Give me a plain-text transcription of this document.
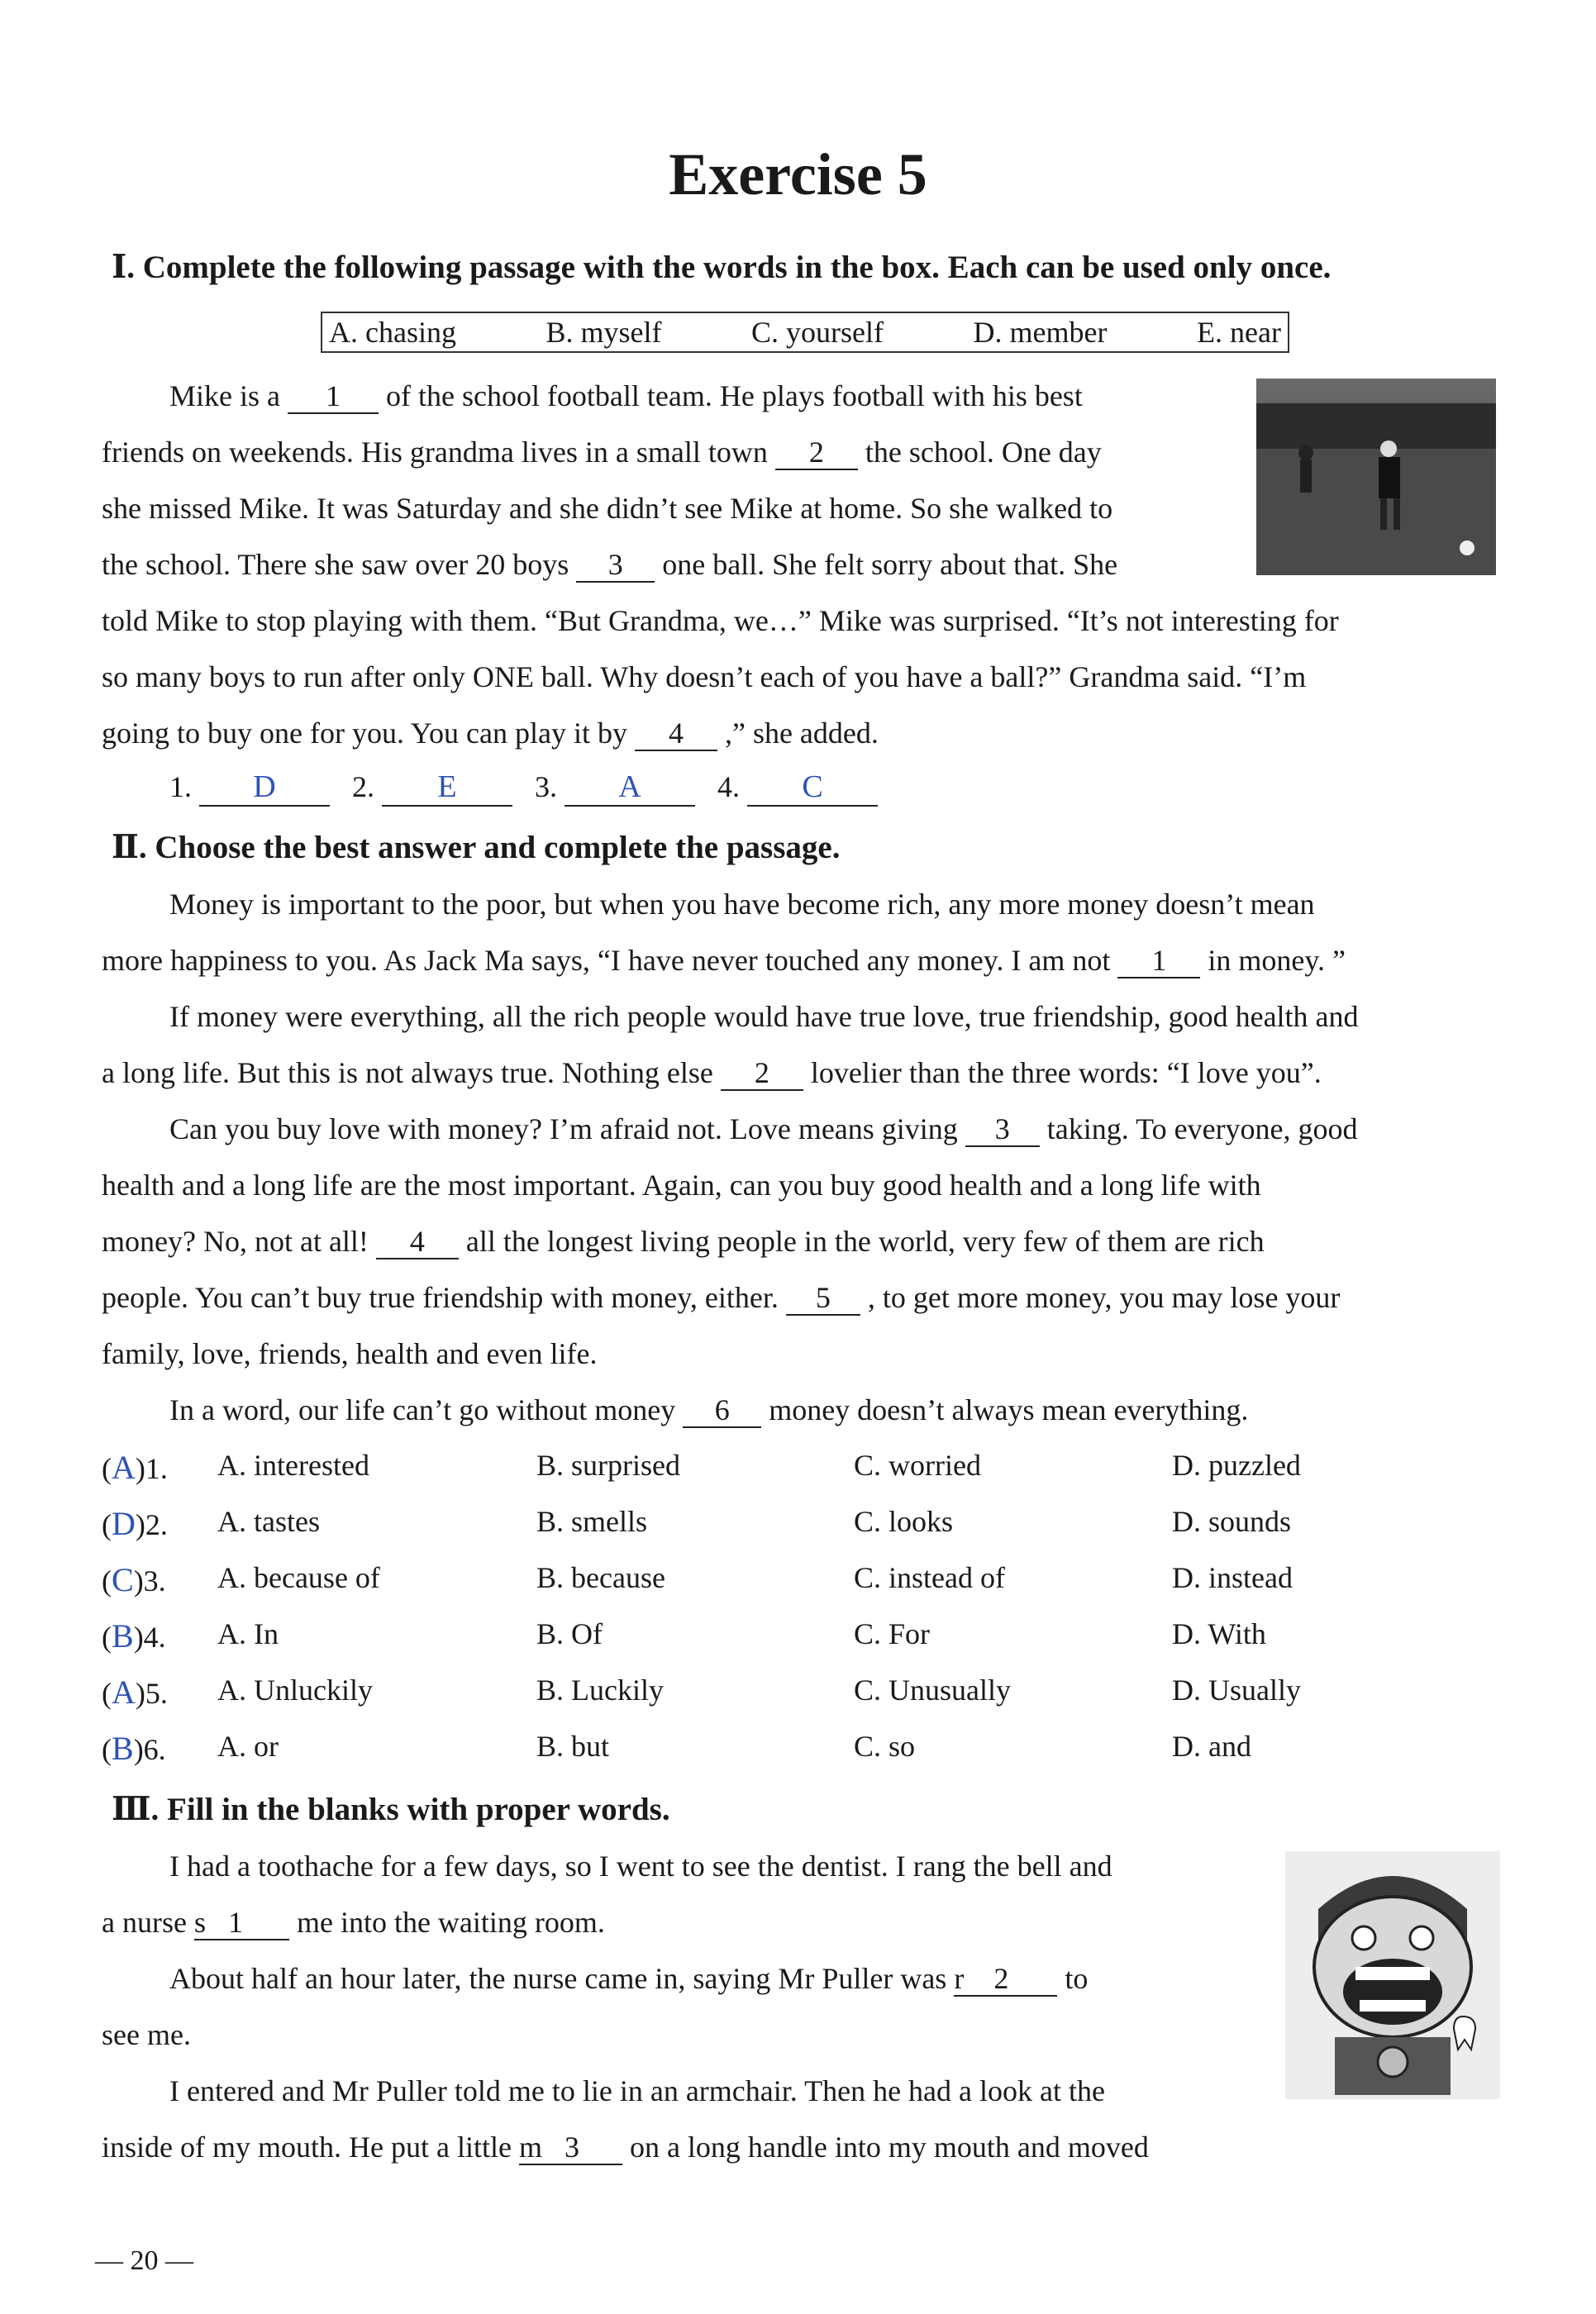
Exercise 5
Ⅰ. Complete the following passage with the words in the box. Each can be used only once.
A. chasing	B. myself	C. yourself	D. member	E. near
Mike is a 1 of the school football team. He plays football with his best
friends on weekends. His grandma lives in a small town 2 the school. One day
she missed Mike. It was Saturday and she didn’t see Mike at home. So she walked to
the school. There she saw over 20 boys 3 one ball. She felt sorry about that. She
told Mike to stop playing with them. “But Grandma, we…” Mike was surprised. “It’s not interesting for
so many boys to run after only ONE ball. Why doesn’t each of you have a ball?” Grandma said. “I’m
going to buy one for you. You can play it by 4 ,” she added.
1. D	2. E	3. A	4. C
Ⅱ. Choose the best answer and complete the passage.
Money is important to the poor, but when you have become rich, any more money doesn’t mean
more happiness to you. As Jack Ma says, “I have never touched any money. I am not 1 in money. ”
If money were everything, all the rich people would have true love, true friendship, good health and
a long life. But this is not always true. Nothing else 2 lovelier than the three words: “I love you”.
Can you buy love with money? I’m afraid not. Love means giving 3 taking. To everyone, good
health and a long life are the most important. Again, can you buy good health and a long life with
money? No, not at all! 4 all the longest living people in the world, very few of them are rich
people. You can’t buy true friendship with money, either. 5 , to get more money, you may lose your
family, love, friends, health and even life.
In a word, our life can’t go without money 6 money doesn’t always mean everything.
(A)1. A. interested	B. surprised	C. worried	D. puzzled
(D)2. A. tastes	B. smells	C. looks	D. sounds
(C)3. A. because of	B. because	C. instead of	D. instead
(B)4. A. In	B. Of	C. For	D. With
(A)5. A. Unluckily	B. Luckily	C. Unusually	D. Usually
(B)6. A. or	B. but	C. so	D. and
Ⅲ. Fill in the blanks with proper words.
I had a toothache for a few days, so I went to see the dentist. I rang the bell and
a nurse s 1 me into the waiting room.
About half an hour later, the nurse came in, saying Mr Puller was r 2 to
see me.
I entered and Mr Puller told me to lie in an armchair. Then he had a look at the
inside of my mouth. He put a little m 3 on a long handle into my mouth and moved
— 20 —
